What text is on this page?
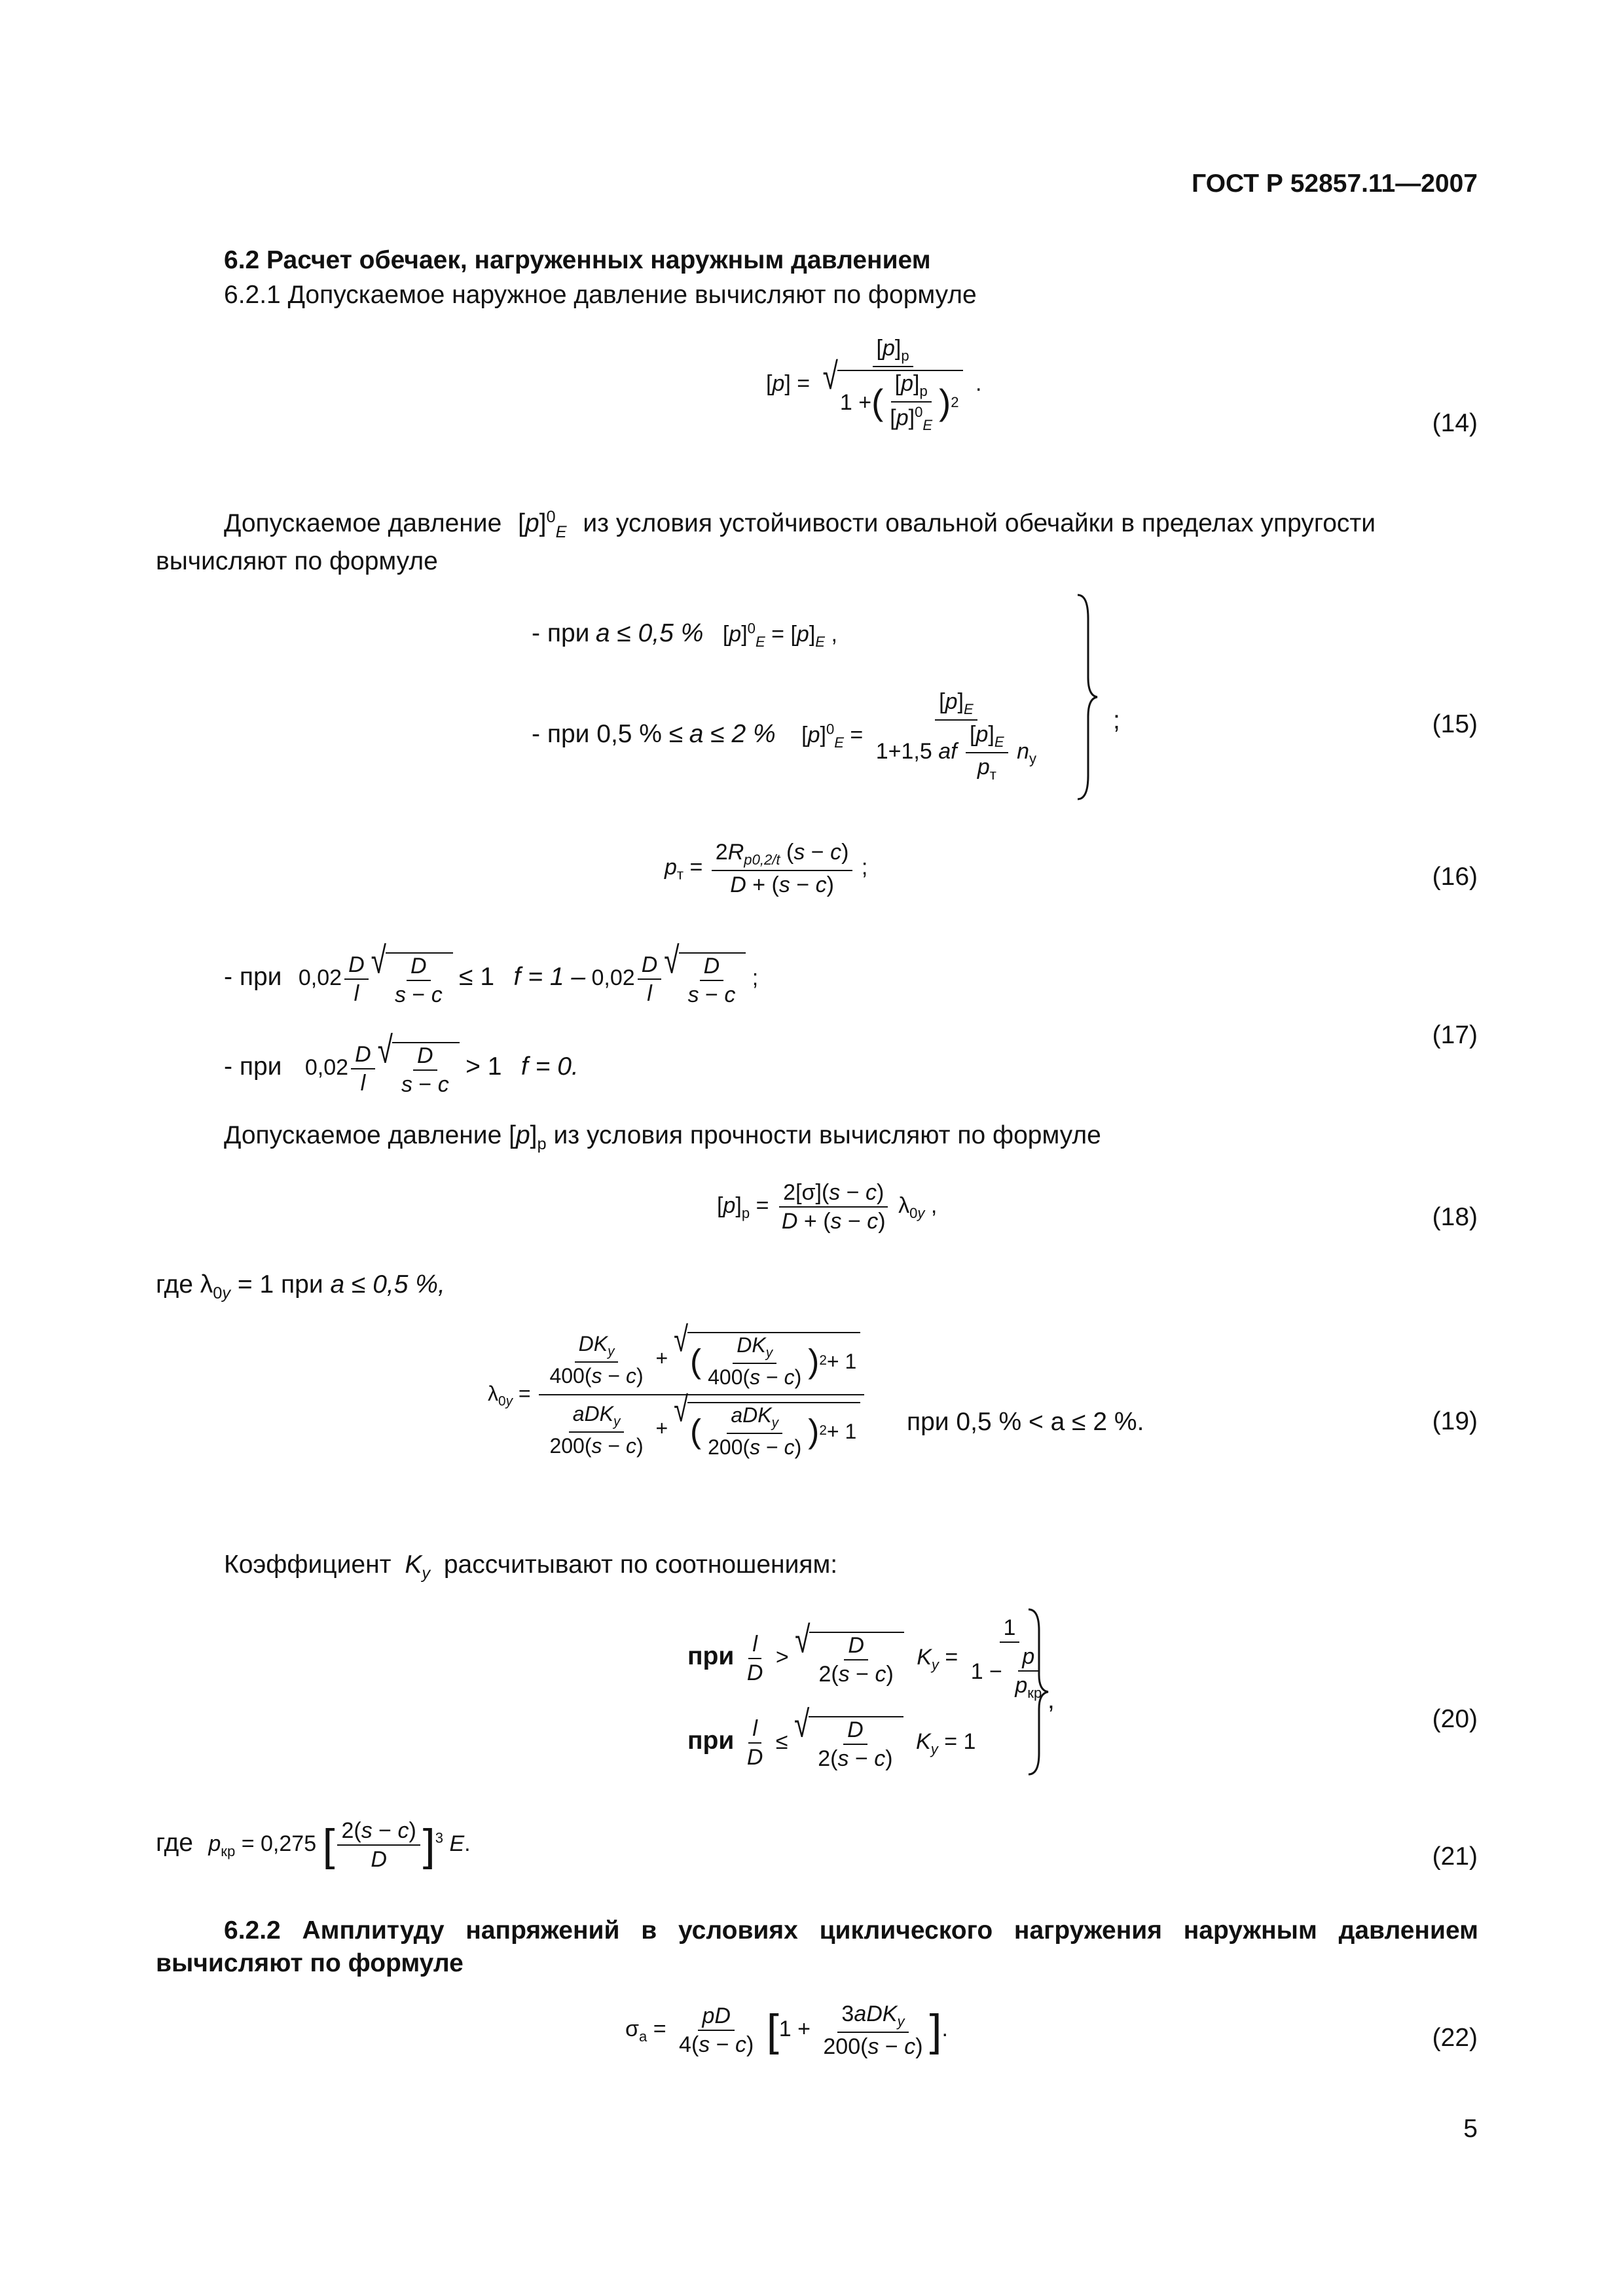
ГОСТ Р 52857.11—2007
6.2 Расчет обечаек, нагруженных наружным давлением
6.2.1 Допускаемое наружное давление вычисляют по формуле
$[p] = [p]_р$
√
1 + ( $\frac{[p]_р}{[p]^0_E}$ ) 2 .
(14)
Допускаемое давление $[p]^0_E$ из условия устойчивости овальной обечайки в пределах упругости
вычисляют по формуле
- при a ≤ 0,5 % $[p]^0_E = [p]_E$ ,
- при 0,5 % ≤ a ≤ 2 % $[p]^0_E = \frac{[p]_E}{1+1,5 af \frac{[p]_E}{p_т} n_у}$	;	(15)
$p_т = \frac{2R_{p0,2/t} (s - c)}{D + (s - c)}$ ;	(16)
- при $0,02 \frac{D}{l}$ √ $\frac{D}{s - c} \le 1$ $f = 1 - 0,02 \frac{D}{l}$ √ $\frac{D}{s - c}$ ;
- при $0,02 \frac{D}{l}$ √ $\frac{D}{s - c} > 1$ f = 0.
(17)
Допускаемое давление $[p]_р$ из условия прочности вычисляют по формуле
$[p]_р = \frac{2[\sigma](s - c)}{D + (s - c)} \lambda_{0y}$ ,	(18)
где $\lambda_{0y} = 1$ при a ≤ 0,5 %,
$\lambda_{0y} = \frac{DK_y}{400(s - c)}$ + √
( $\frac{DK_y}{400(s - c)}$ ) 2 + 1
$\frac{aDK_y}{200(s - c)}$ + √
( $\frac{aDK_y}{200(s - c)}$ ) 2 + 1 при 0,5 % < a ≤ 2 %.	(19)
Коэффициент $K_y$ рассчитывают по соотношениям:
при $\frac{l}{D}$ > √ $\frac{D}{2(s - c)} K_y = \frac{1}{1 - \frac{p}{p_{кр}}}$
при $\frac{l}{D}$ ≤ √ $\frac{D}{2(s - c)} K_y = 1$
,
(20)
где $p_{кр} = 0,275$ [ $\frac{2(s - c)}{D} ]^3$ E.	(21)
6.2.2 Амплитуду напряжений в условиях циклического нагружения наружным давлением
вычисляют по формуле
$\sigma_а = \frac{pD}{4(s - c)} [1 + \frac{3aDK_y}{200(s - c)}$ ].	(22)
5
